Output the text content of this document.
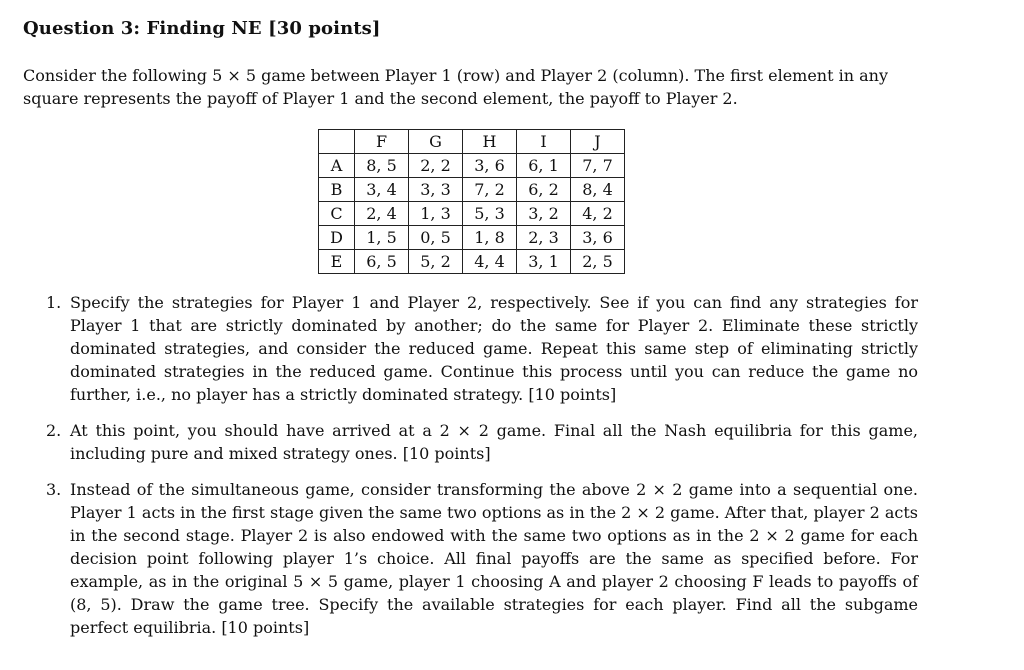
Question 3: Finding NE [30 points]

Consider the following 5 × 5 game between Player 1 (row) and Player 2 (column). The first element in any square represents the payoff of Player 1 and the second element, the payoff to Player 2.

	F	G	H	I	J
A	8, 5	2, 2	3, 6	6, 1	7, 7
B	3, 4	3, 3	7, 2	6, 2	8, 4
C	2, 4	1, 3	5, 3	3, 2	4, 2
D	1, 5	0, 5	1, 8	2, 3	3, 6
E	6, 5	5, 2	4, 4	3, 1	2, 5
1. Specify the strategies for Player 1 and Player 2, respectively. See if you can find any strategies for Player 1 that are strictly dominated by another; do the same for Player 2. Eliminate these strictly dominated strategies, and consider the reduced game. Repeat this same step of eliminating strictly dominated strategies in the reduced game. Continue this process until you can reduce the game no further, i.e., no player has a strictly dominated strategy. [10 points]
2. At this point, you should have arrived at a 2 × 2 game. Final all the Nash equilibria for this game, including pure and mixed strategy ones. [10 points]
3. Instead of the simultaneous game, consider transforming the above 2 × 2 game into a sequential one. Player 1 acts in the first stage given the same two options as in the 2 × 2 game. After that, player 2 acts in the second stage. Player 2 is also endowed with the same two options as in the 2 × 2 game for each decision point following player 1’s choice. All final payoffs are the same as specified before. For example, as in the original 5 × 5 game, player 1 choosing A and player 2 choosing F leads to payoffs of (8, 5). Draw the game tree. Specify the available strategies for each player. Find all the subgame perfect equilibria. [10 points]
